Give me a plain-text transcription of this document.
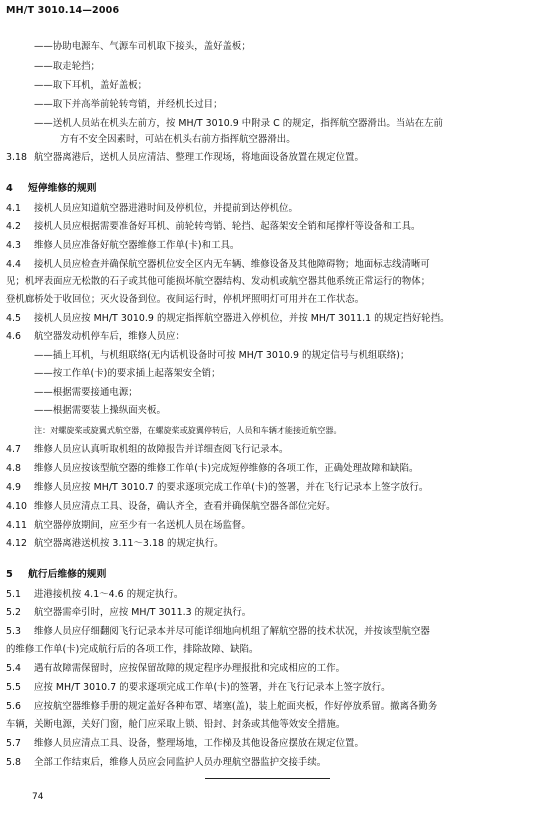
MH/T 3010.14—2006
——协助电源车、气源车司机取下接头，盖好盖板；
——取走轮挡；
——取下耳机，盖好盖板；
——取下并高举前轮转弯销，并经机长过目；
——送机人员站在机头左前方，按 MH/T 3010.9 中附录 C 的规定，指挥航空器滑出。当站在左前
方有不安全因素时，可站在机头右前方指挥航空器滑出。
3.18 航空器离港后，送机人员应清洁、整理工作现场，将地面设备放置在规定位置。
4 短停维修的规则
4.1 接机人员应知道航空器进港时间及停机位，并提前到达停机位。
4.2 接机人员应根据需要准备好耳机、前轮转弯销、轮挡、起落架安全销和尾撑杆等设备和工具。
4.3 维修人员应准备好航空器维修工作单(卡)和工具。
4.4 接机人员应检查并确保航空器机位安全区内无车辆、维修设备及其他障碍物；地面标志线清晰可
见；机坪表面应无松散的石子或其他可能损坏航空器结构、发动机或航空器其他系统正常运行的物体；
登机廊桥处于收回位；灭火设备到位。夜间运行时，停机坪照明灯可用并在工作状态。
4.5 接机人员应按 MH/T 3010.9 的规定指挥航空器进入停机位，并按 MH/T 3011.1 的规定挡好轮挡。
4.6 航空器发动机停车后，维修人员应：
——插上耳机，与机组联络(无内话机设备时可按 MH/T 3010.9 的规定信号与机组联络)；
——按工作单(卡)的要求插上起落架安全销；
——根据需要接通电源；
——根据需要装上操纵面夹板。
注：对螺旋桨或旋翼式航空器，在螺旋桨或旋翼停转后，人员和车辆才能接近航空器。
4.7 维修人员应认真听取机组的故障报告并详细查阅飞行记录本。
4.8 维修人员应按该型航空器的维修工作单(卡)完成短停维修的各项工作，正确处理故障和缺陷。
4.9 维修人员应按 MH/T 3010.7 的要求逐项完成工作单(卡)的签署，并在飞行记录本上签字放行。
4.10 维修人员应清点工具、设备，确认齐全，查看并确保航空器各部位完好。
4.11 航空器停放期间，应至少有一名送机人员在场监督。
4.12 航空器离港送机按 3.11～3.18 的规定执行。
5 航行后维修的规则
5.1 进港接机按 4.1～4.6 的规定执行。
5.2 航空器需牵引时，应按 MH/T 3011.3 的规定执行。
5.3 维修人员应仔细翻阅飞行记录本并尽可能详细地向机组了解航空器的技术状况，并按该型航空器
的维修工作单(卡)完成航行后的各项工作，排除故障、缺陷。
5.4 遇有故障需保留时，应按保留故障的规定程序办理报批和完成相应的工作。
5.5 应按 MH/T 3010.7 的要求逐项完成工作单(卡)的签署，并在飞行记录本上签字放行。
5.6 应按航空器维修手册的规定盖好各种布罩、堵塞(盖)，装上舵面夹板，作好停放系留。撤离各勤务
车辆，关断电源，关好门窗，舱门应采取上锁、铅封、封条或其他等效安全措施。
5.7 维修人员应清点工具、设备，整理场地，工作梯及其他设备应摆放在规定位置。
5.8 全部工作结束后，维修人员应会同监护人员办理航空器监护交接手续。
74
